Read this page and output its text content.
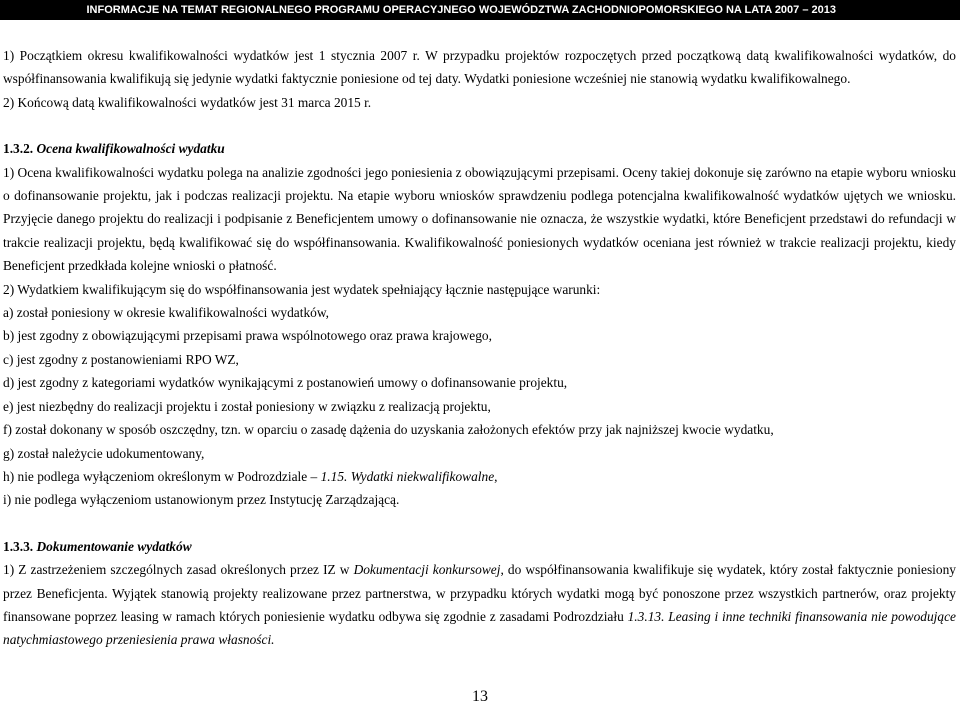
INFORMACJE NA TEMAT REGIONALNEGO PROGRAMU OPERACYJNEGO WOJEWÓDZTWA ZACHODNIOPOMORSKIEGO NA LATA 2007 – 2013

1) Początkiem okresu kwalifikowalności wydatków jest 1 stycznia 2007 r. W przypadku projektów rozpoczętych przed początkową datą kwalifikowalności wydatków, do współfinansowania kwalifikują się jedynie wydatki faktycznie poniesione od tej daty. Wydatki poniesione wcześniej nie stanowią wydatku kwalifikowalnego.

2) Końcową datą kwalifikowalności wydatków jest 31 marca 2015 r.

1.3.2. Ocena kwalifikowalności wydatku

1) Ocena kwalifikowalności wydatku polega na analizie zgodności jego poniesienia z obowiązującymi przepisami. Oceny takiej dokonuje się zarówno na etapie wyboru wniosku o dofinansowanie projektu, jak i podczas realizacji projektu. Na etapie wyboru wniosków sprawdzeniu podlega potencjalna kwalifikowalność wydatków ujętych we wniosku. Przyjęcie danego projektu do realizacji i podpisanie z Beneficjentem umowy o dofinansowanie nie oznacza, że wszystkie wydatki, które Beneficjent przedstawi do refundacji w trakcie realizacji projektu, będą kwalifikować się do współfinansowania. Kwalifikowalność poniesionych wydatków oceniana jest również w trakcie realizacji projektu, kiedy Beneficjent przedkłada kolejne wnioski o płatność.

2) Wydatkiem kwalifikującym się do współfinansowania jest wydatek spełniający łącznie następujące warunki:

a) został poniesiony w okresie kwalifikowalności wydatków,

b) jest zgodny z obowiązującymi przepisami prawa wspólnotowego oraz prawa krajowego,

c) jest zgodny z postanowieniami RPO WZ,

d) jest zgodny z kategoriami wydatków wynikającymi z postanowień umowy o dofinansowanie projektu,

e) jest niezbędny do realizacji projektu i został poniesiony w związku z realizacją projektu,

f) został dokonany w sposób oszczędny, tzn. w oparciu o zasadę dążenia do uzyskania założonych efektów przy jak najniższej kwocie wydatku,

g) został należycie udokumentowany,

h) nie podlega wyłączeniom określonym w Podrozdziale – 1.15. Wydatki niekwalifikowalne,

i) nie podlega wyłączeniom ustanowionym przez Instytucję Zarządzającą.

1.3.3. Dokumentowanie wydatków

1) Z zastrzeżeniem szczególnych zasad określonych przez IZ w Dokumentacji konkursowej, do współfinansowania kwalifikuje się wydatek, który został faktycznie poniesiony przez Beneficjenta. Wyjątek stanowią projekty realizowane przez partnerstwa, w przypadku których wydatki mogą być ponoszone przez wszystkich partnerów, oraz projekty finansowane poprzez leasing w ramach których poniesienie wydatku odbywa się zgodnie z zasadami Podrozdziału 1.3.13. Leasing i inne techniki finansowania nie powodujące natychmiastowego przeniesienia prawa własności.

13
